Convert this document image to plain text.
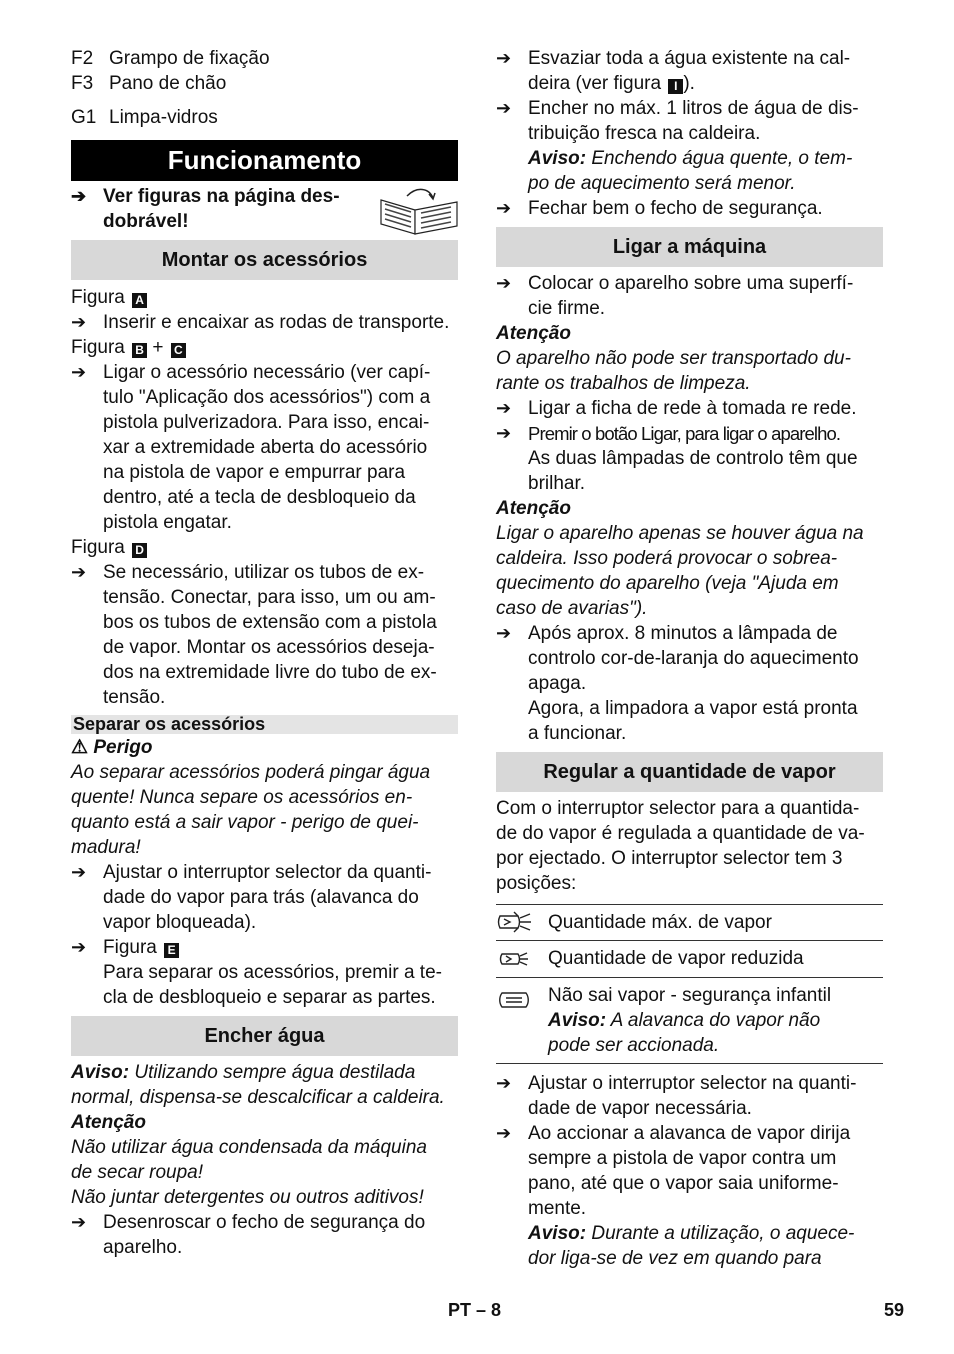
F2 Grampo de fixação
F3 Pano de chão
G1 Limpa-vidros
Funcionamento
➔ Ver figuras na página des-
dobrável!
Montar os acessórios
Figura A
➔ Inserir e encaixar as rodas de transporte.
Figura B + C
➔ Ligar o acessório necessário (ver capí-
tulo "Aplicação dos acessórios") com a
pistola pulverizadora. Para isso, encai-
xar a extremidade aberta do acessório
na pistola de vapor e empurrar para
dentro, até a tecla de desbloqueio da
pistola engatar.
Figura D
➔ Se necessário, utilizar os tubos de ex-
tensão. Conectar, para isso, um ou am-
bos os tubos de extensão com a pistola
de vapor. Montar os acessórios deseja-
dos na extremidade livre do tubo de ex-
tensão.
Separar os acessórios
⚠ Perigo
Ao separar acessórios poderá pingar água
quente! Nunca separe os acessórios en-
quanto está a sair vapor - perigo de quei-
madura!
➔ Ajustar o interruptor selector da quanti-
dade do vapor para trás (alavanca do
vapor bloqueada).
➔ Figura E
Para separar os acessórios, premir a te-
cla de desbloqueio e separar as partes.
Encher água
Aviso: Utilizando sempre água destilada
normal, dispensa-se descalcificar a caldeira.
Atenção
Não utilizar água condensada da máquina
de secar roupa!
Não juntar detergentes ou outros aditivos!
➔ Desenroscar o fecho de segurança do
aparelho.
➔ Esvaziar toda a água existente na cal-
deira (ver figura I ).
➔ Encher no máx. 1 litros de água de dis-
tribuição fresca na caldeira.
Aviso: Enchendo água quente, o tem-
po de aquecimento será menor.
➔ Fechar bem o fecho de segurança.
Ligar a máquina
➔ Colocar o aparelho sobre uma superfí-
cie firme.
Atenção
O aparelho não pode ser transportado du-
rante os trabalhos de limpeza.
➔ Ligar a ficha de rede à tomada re rede.
➔ Premir o botão Ligar, para ligar o aparelho.
As duas lâmpadas de controlo têm que
brilhar.
Atenção
Ligar o aparelho apenas se houver água na
caldeira. Isso poderá provocar o sobrea-
quecimento do aparelho (veja "Ajuda em
caso de avarias").
➔ Após aprox. 8 minutos a lâmpada de
controlo cor-de-laranja do aquecimento
apaga.
Agora, a limpadora a vapor está pronta
a funcionar.
Regular a quantidade de vapor
Com o interruptor selector para a quantida-
de do vapor é regulada a quantidade de va-
por ejectado. O interruptor selector tem 3
posições:
Quantidade máx. de vapor
Quantidade de vapor reduzida
Não sai vapor - segurança infantil
Aviso: A alavanca do vapor não
pode ser accionada.
➔ Ajustar o interruptor selector na quanti-
dade de vapor necessária.
➔ Ao accionar a alavanca de vapor dirija
sempre a pistola de vapor contra um
pano, até que o vapor saia uniforme-
mente.
Aviso: Durante a utilização, o aquece-
dor liga-se de vez em quando para
PT – 8	59
